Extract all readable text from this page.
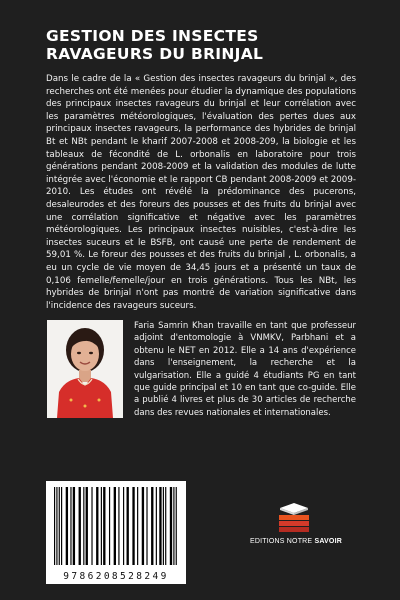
GESTION DES INSECTES RAVAGEURS DU BRINJAL

Dans le cadre de la « Gestion des insectes ravageurs du brinjal », des recherches ont été menées pour étudier la dynamique des populations des principaux insectes ravageurs du brinjal et leur corrélation avec les paramètres météorologiques, l'évaluation des pertes dues aux principaux insectes ravageurs, la performance des hybrides de brinjal Bt et NBt pendant le kharif 2007-2008 et 2008-209, la biologie et les tableaux de fécondité de L. orbonalis en laboratoire pour trois générations pendant 2008-2009 et la validation des modules de lutte intégrée avec l'économie et le rapport CB pendant 2008-2009 et 2009-2010. Les études ont révélé la prédominance des pucerons, desaleurodes et des foreurs des pousses et des fruits du brinjal avec une corrélation significative et négative avec les paramètres météorologiques. Les principaux insectes nuisibles, c'est-à-dire les insectes suceurs et le BSFB, ont causé une perte de rendement de 59,01 %. Le foreur des pousses et des fruits du brinjal , L. orbonalis, a eu un cycle de vie moyen de 34,45 jours et a présenté un taux de 0,106 femelle/femelle/jour en trois générations. Tous les NBt, les hybrides de brinjal n'ont pas montré de variation significative dans l'incidence des ravageurs suceurs.

Faria Samrin Khan travaille en tant que professeur adjoint d'entomologie à VNMKV, Parbhani et a obtenu le NET en 2012. Elle a 14 ans d'expérience dans l'enseignement, la recherche et la vulgarisation. Elle a guidé 4 étudiants PG en tant que guide principal et 10 en tant que co-guide. Elle a publié 4 livres et plus de 30 articles de recherche dans des revues nationales et internationales.

9786208528249
EDITIONS NOTRE SAVOIR
